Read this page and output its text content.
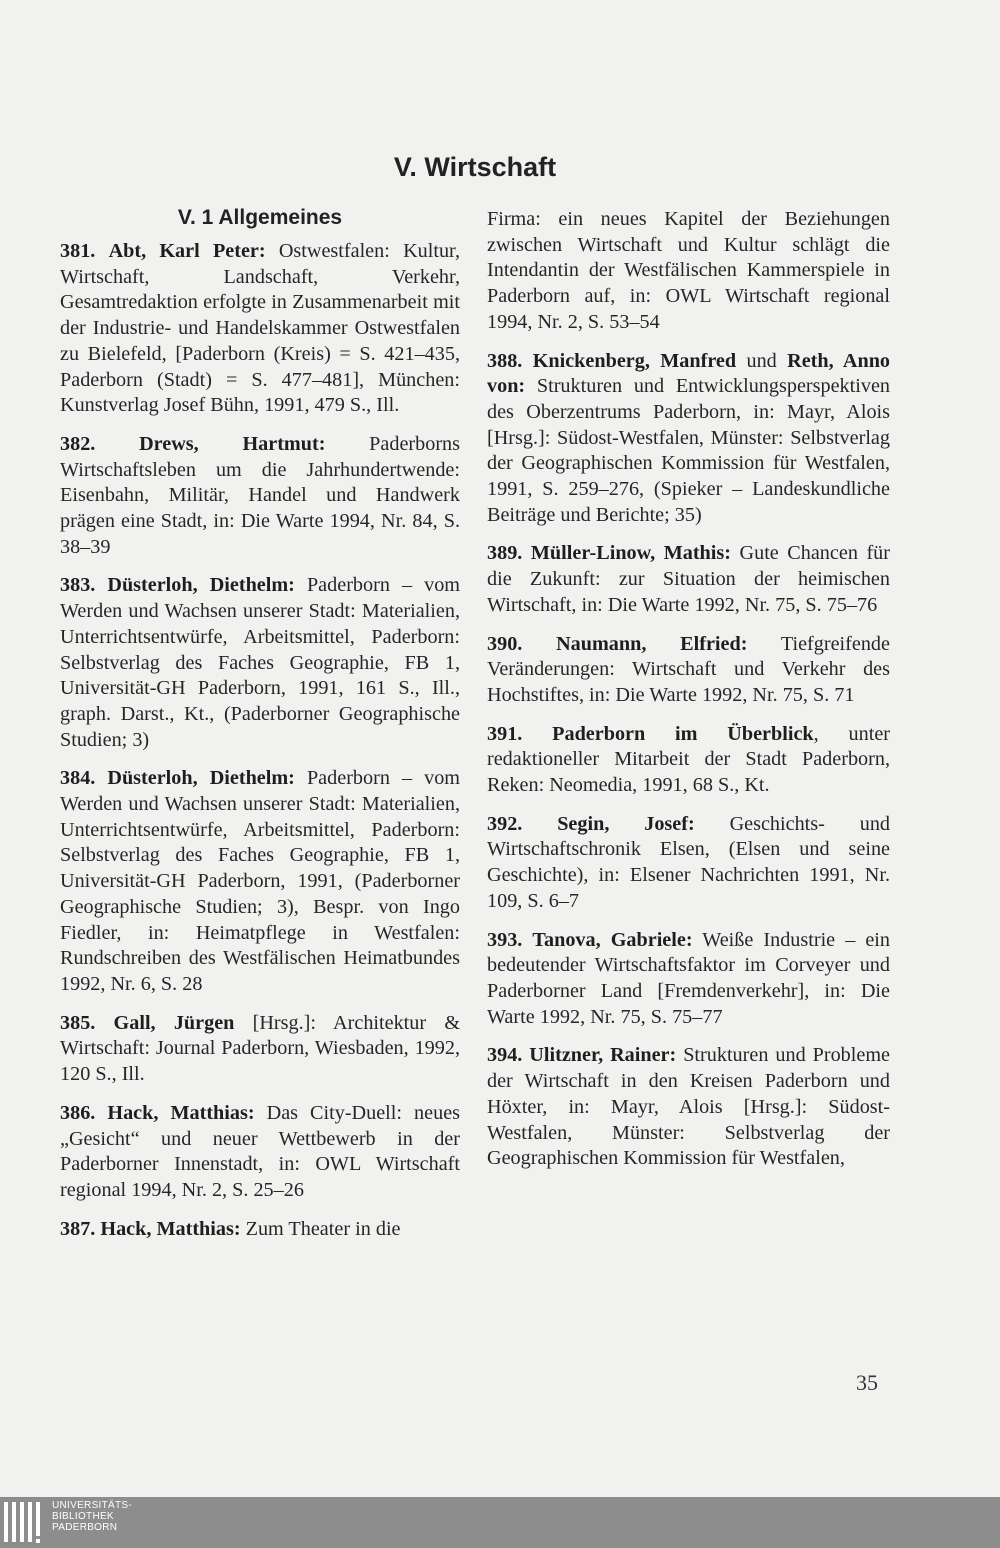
V. Wirtschaft
V. 1 Allgemeines

381. Abt, Karl Peter: Ostwestfalen: Kultur, Wirtschaft, Landschaft, Verkehr, Gesamtredaktion erfolgte in Zusammenarbeit mit der Industrie- und Handelskammer Ostwestfalen zu Bielefeld, [Paderborn (Kreis) = S. 421–435, Paderborn (Stadt) = S. 477–481], München: Kunstverlag Josef Bühn, 1991, 479 S., Ill.

382. Drews, Hartmut: Paderborns Wirtschaftsleben um die Jahrhundertwende: Eisenbahn, Militär, Handel und Handwerk prägen eine Stadt, in: Die Warte 1994, Nr. 84, S. 38–39

383. Düsterloh, Diethelm: Paderborn – vom Werden und Wachsen unserer Stadt: Materialien, Unterrichtsentwürfe, Arbeitsmittel, Paderborn: Selbstverlag des Faches Geographie, FB 1, Universität-GH Paderborn, 1991, 161 S., Ill., graph. Darst., Kt., (Paderborner Geographische Studien; 3)

384. Düsterloh, Diethelm: Paderborn – vom Werden und Wachsen unserer Stadt: Materialien, Unterrichtsentwürfe, Arbeitsmittel, Paderborn: Selbstverlag des Faches Geographie, FB 1, Universität-GH Paderborn, 1991, (Paderborner Geographische Studien; 3), Bespr. von Ingo Fiedler, in: Heimatpflege in Westfalen: Rundschreiben des Westfälischen Heimatbundes 1992, Nr. 6, S. 28

385. Gall, Jürgen [Hrsg.]: Architektur & Wirtschaft: Journal Paderborn, Wiesbaden, 1992, 120 S., Ill.

386. Hack, Matthias: Das City-Duell: neues „Gesicht“ und neuer Wettbewerb in der Paderborner Innenstadt, in: OWL Wirtschaft regional 1994, Nr. 2, S. 25–26

387. Hack, Matthias: Zum Theater in die

Firma: ein neues Kapitel der Beziehungen zwischen Wirtschaft und Kultur schlägt die Intendantin der Westfälischen Kammerspiele in Paderborn auf, in: OWL Wirtschaft regional 1994, Nr. 2, S. 53–54

388. Knickenberg, Manfred und Reth, Anno von: Strukturen und Entwicklungsperspektiven des Oberzentrums Paderborn, in: Mayr, Alois [Hrsg.]: Südost-Westfalen, Münster: Selbstverlag der Geographischen Kommission für Westfalen, 1991, S. 259–276, (Spieker – Landeskundliche Beiträge und Berichte; 35)

389. Müller-Linow, Mathis: Gute Chancen für die Zukunft: zur Situation der heimischen Wirtschaft, in: Die Warte 1992, Nr. 75, S. 75–76

390. Naumann, Elfried: Tiefgreifende Veränderungen: Wirtschaft und Verkehr des Hochstiftes, in: Die Warte 1992, Nr. 75, S. 71

391. Paderborn im Überblick, unter redaktioneller Mitarbeit der Stadt Paderborn, Reken: Neomedia, 1991, 68 S., Kt.

392. Segin, Josef: Geschichts- und Wirtschaftschronik Elsen, (Elsen und seine Geschichte), in: Elsener Nachrichten 1991, Nr. 109, S. 6–7

393. Tanova, Gabriele: Weiße Industrie – ein bedeutender Wirtschaftsfaktor im Corveyer und Paderborner Land [Fremdenverkehr], in: Die Warte 1992, Nr. 75, S. 75–77

394. Ulitzner, Rainer: Strukturen und Probleme der Wirtschaft in den Kreisen Paderborn und Höxter, in: Mayr, Alois [Hrsg.]: Südost-Westfalen, Münster: Selbstverlag der Geographischen Kommission für Westfalen,

35
UNIVERSITÄTS-
BIBLIOTHEK
PADERBORN
